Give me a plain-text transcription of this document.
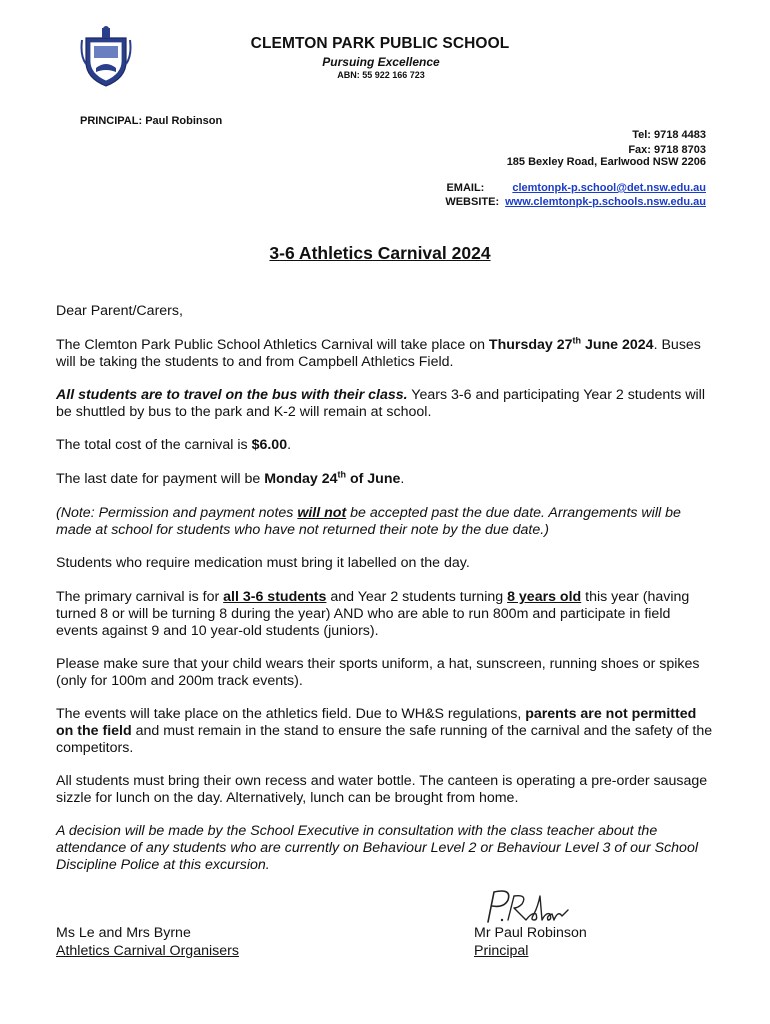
CLEMTON PARK PUBLIC SCHOOL
Pursuing Excellence
ABN: 55 922 166 723
PRINCIPAL: Paul Robinson
Tel: 9718 4483
Fax: 9718 8703
185 Bexley Road, Earlwood NSW 2206
EMAIL:	clemtonpk-p.school@det.nsw.edu.au
WEBSITE: www.clemtonpk-p.schools.nsw.edu.au
3-6 Athletics Carnival 2024

Dear Parent/Carers,

The Clemton Park Public School Athletics Carnival will take place on Thursday 27th June 2024. Buses will be taking the students to and from Campbell Athletics Field.

All students are to travel on the bus with their class. Years 3-6 and participating Year 2 students will be shuttled by bus to the park and K-2 will remain at school.

The total cost of the carnival is $6.00.

The last date for payment will be Monday 24th of June.

(Note: Permission and payment notes will not be accepted past the due date. Arrangements will be made at school for students who have not returned their note by the due date.)

Students who require medication must bring it labelled on the day.

The primary carnival is for all 3-6 students and Year 2 students turning 8 years old this year (having turned 8 or will be turning 8 during the year) AND who are able to run 800m and participate in field events against 9 and 10 year-old students (juniors).

Please make sure that your child wears their sports uniform, a hat, sunscreen, running shoes or spikes (only for 100m and 200m track events).

The events will take place on the athletics field. Due to WH&S regulations, parents are not permitted on the field and must remain in the stand to ensure the safe running of the carnival and the safety of the competitors.

All students must bring their own recess and water bottle. The canteen is operating a pre-order sausage sizzle for lunch on the day. Alternatively, lunch can be brought from home.

A decision will be made by the School Executive in consultation with the class teacher about the attendance of any students who are currently on Behaviour Level 2 or Behaviour Level 3 of our School Discipline Police at this excursion.

Ms Le and Mrs Byrne
Athletics Carnival Organisers
Mr Paul Robinson
Principal
